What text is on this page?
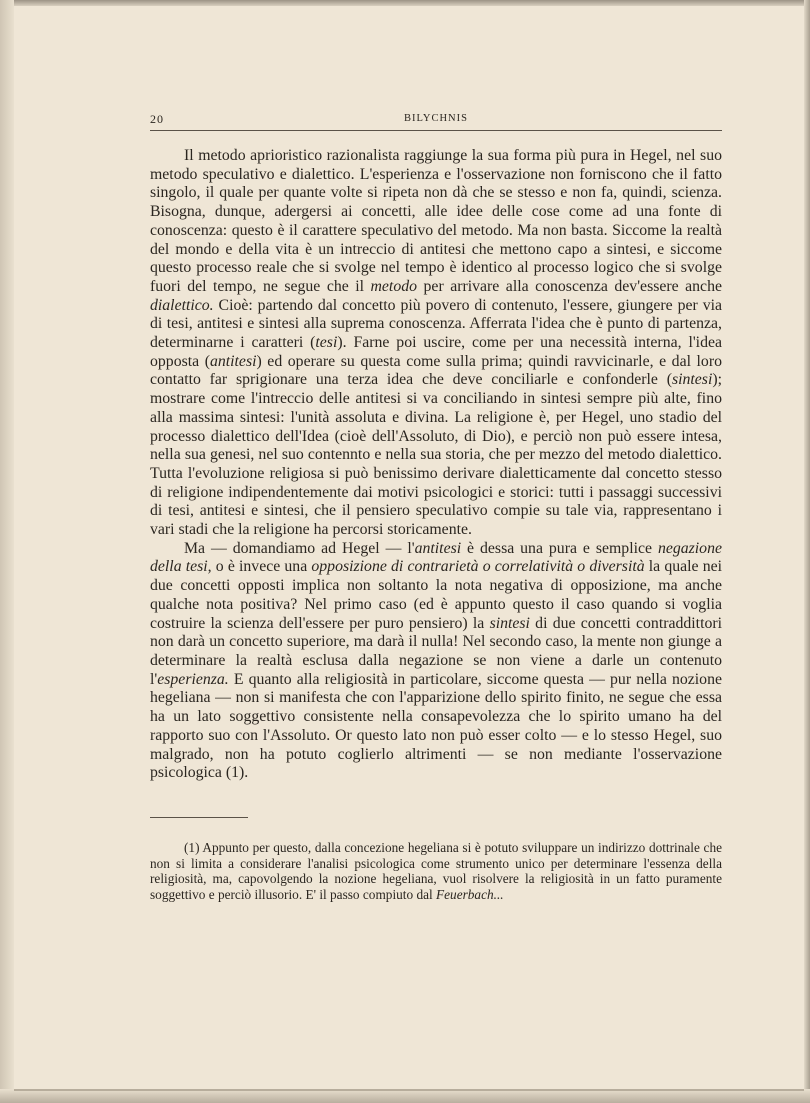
20	BILYCHNIS

Il metodo aprioristico razionalista raggiunge la sua forma più pura in Hegel, nel suo metodo speculativo e dialettico. L'esperienza e l'osservazione non forniscono che il fatto singolo, il quale per quante volte si ripeta non dà che se stesso e non fa, quindi, scienza. Bisogna, dunque, adergersi ai concetti, alle idee delle cose come ad una fonte di conoscenza: questo è il carattere speculativo del metodo. Ma non basta. Siccome la realtà del mondo e della vita è un intreccio di antitesi che mettono capo a sintesi, e siccome questo processo reale che si svolge nel tempo è identico al processo logico che si svolge fuori del tempo, ne segue che il metodo per arrivare alla conoscenza dev'essere anche dialettico. Cioè: partendo dal concetto più povero di contenuto, l'essere, giungere per via di tesi, antitesi e sintesi alla suprema conoscenza. Afferrata l'idea che è punto di partenza, determinarne i caratteri (tesi). Farne poi uscire, come per una necessità interna, l'idea opposta (antitesi) ed operare su questa come sulla prima; quindi ravvicinarle, e dal loro contatto far sprigionare una terza idea che deve conciliarle e confonderle (sintesi); mostrare come l'intreccio delle antitesi si va conciliando in sintesi sempre più alte, fino alla massima sintesi: l'unità assoluta e divina. La religione è, per Hegel, uno stadio del processo dialettico dell'Idea (cioè dell'Assoluto, di Dio), e perciò non può essere intesa, nella sua genesi, nel suo contennto e nella sua storia, che per mezzo del metodo dialettico. Tutta l'evoluzione religiosa si può benissimo derivare dialetticamente dal concetto stesso di religione indipendentemente dai motivi psicologici e storici: tutti i passaggi successivi di tesi, antitesi e sintesi, che il pensiero speculativo compie su tale via, rappresentano i vari stadi che la religione ha percorsi storicamente.

Ma — domandiamo ad Hegel — l'antitesi è dessa una pura e semplice negazione della tesi, o è invece una opposizione di contrarietà o correlatività o diversità la quale nei due concetti opposti implica non soltanto la nota negativa di opposizione, ma anche qualche nota positiva? Nel primo caso (ed è appunto questo il caso quando si voglia costruire la scienza dell'essere per puro pensiero) la sintesi di due concetti contraddittori non darà un concetto superiore, ma darà il nulla! Nel secondo caso, la mente non giunge a determinare la realtà esclusa dalla negazione se non viene a darle un contenuto l'esperienza. E quanto alla religiosità in particolare, siccome questa — pur nella nozione hegeliana — non si manifesta che con l'apparizione dello spirito finito, ne segue che essa ha un lato soggettivo consistente nella consapevolezza che lo spirito umano ha del rapporto suo con l'Assoluto. Or questo lato non può esser colto — e lo stesso Hegel, suo malgrado, non ha potuto coglierlo altrimenti — se non mediante l'osservazione psicologica (1).

(1) Appunto per questo, dalla concezione hegeliana si è potuto sviluppare un indirizzo dottrinale che non si limita a considerare l'analisi psicologica come strumento unico per determinare l'essenza della religiosità, ma, capovolgendo la nozione hegeliana, vuol risolvere la religiosità in un fatto puramente soggettivo e perciò illusorio. E' il passo compiuto dal Feuerbach...
